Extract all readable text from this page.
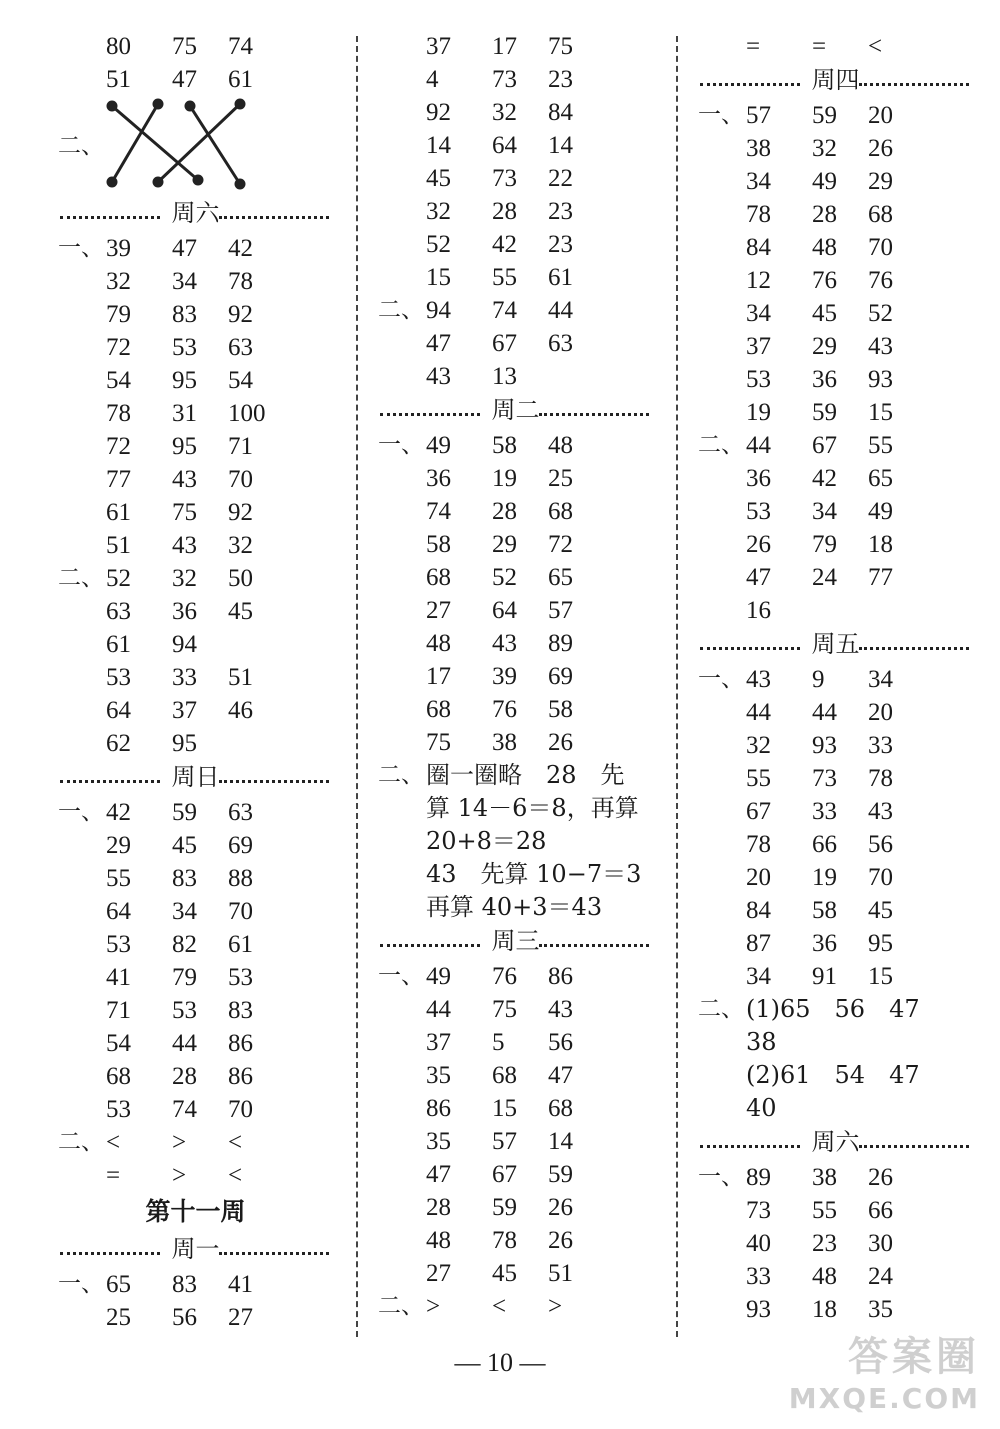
80 75 74
51 47 61
二、
周六
一、 39 47 42
32 34 78
79 83 92
72 53 63
54 95 54
78 31 100
72 95 71
77 43 70
61 75 92
51 43 32
二、 52 32 50
63 36 45
61 94
53 33 51
64 37 46
62 95
周日
一、 42 59 63
29 45 69
55 83 88
64 34 70
53 82 61
41 79 53
71 53 83
54 44 86
68 28 86
53 74 70
二、 < > <
= > <
第十一周
周一
一、 65 83 41
25 56 27
37 17 75
4 73 23
92 32 84
14 64 14
45 73 22
32 28 23
52 42 23
15 55 61
二、 94 74 44
47 67 63
43 13
周二
一、 49 58 48
36 19 25
74 28 68
58 29 72
68 52 65
27 64 57
48 43 89
17 39 69
68 76 58
75 38 26
二、 圈一圈略　28　先
算 14－6＝8，再算
20+8＝28
43　先算 10−7＝3
再算 40+3＝43
周三
一、 49 76 86
44 75 43
37 5 56
35 68 47
86 15 68
35 57 14
47 67 59
28 59 26
48 78 26
27 45 51
二、 > < >
= = <
周四
一、 57 59 20
38 32 26
34 49 29
78 28 68
84 48 70
12 76 76
34 45 52
37 29 43
53 36 93
19 59 15
二、 44 67 55
36 42 65
53 34 49
26 79 18
47 24 77
16
周五
一、 43 9 34
44 44 20
32 93 33
55 73 78
67 33 43
78 66 56
20 19 70
84 58 45
87 36 95
34 91 15
二、 (1)65　56　47
38
(2)61　54　47
40
周六
一、 89 38 26
73 55 66
40 23 30
33 48 24
93 18 35
— 10 —	答案圈
MXQE.COM
